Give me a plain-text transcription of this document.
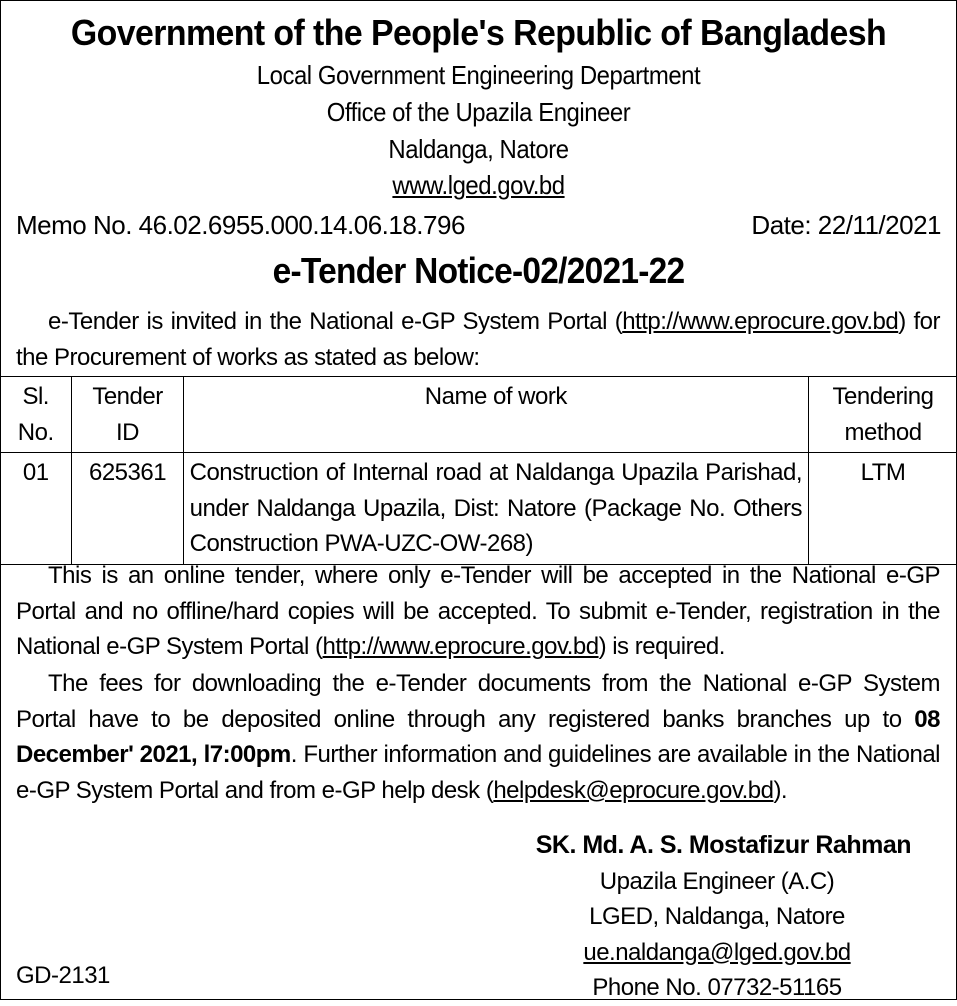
Government of the People's Republic of Bangladesh
Local Government Engineering Department
Office of the Upazila Engineer
Naldanga, Natore
www.lged.gov.bd
Memo No. 46.02.6955.000.14.06.18.796	Date: 22/11/2021
e-Tender Notice-02/2021-22
e-Tender is invited in the National e-GP System Portal (http://www.eprocure.gov.bd) for the Procurement of works as stated as below:
Sl. No.	Tender ID	Name of work	Tendering method
01	625361	Construction of Internal road at Naldanga Upazila Parishad, under Naldanga Upazila, Dist: Natore (Package No. Others Construction PWA-UZC-OW-268)	LTM
This is an online tender, where only e-Tender will be accepted in the National e-GP Portal and no offline/hard copies will be accepted. To submit e-Tender, registration in the National e-GP System Portal (http://www.eprocure.gov.bd) is required.
The fees for downloading the e-Tender documents from the National e-GP System Portal have to be deposited online through any registered banks branches up to 08 December' 2021, l7:00pm. Further information and guidelines are available in the National e-GP System Portal and from e-GP help desk (helpdesk@eprocure.gov.bd).
SK. Md. A. S. Mostafizur Rahman
Upazila Engineer (A.C)
LGED, Naldanga, Natore
ue.naldanga@lged.gov.bd
Phone No. 07732-51165
GD-2131
